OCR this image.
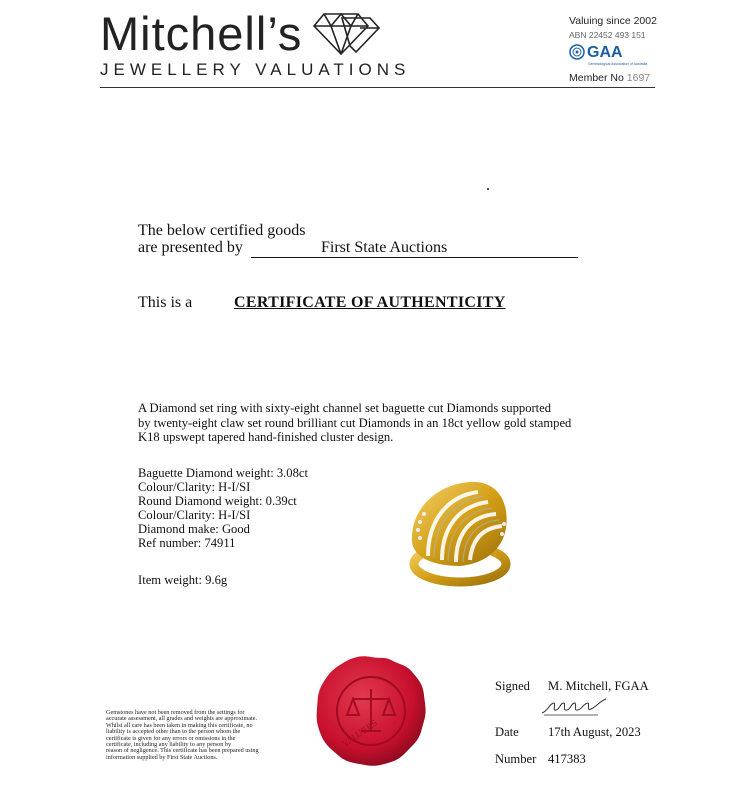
Mitchell’s
JEWELLERY VALUATIONS
Valuing since 2002
ABN 22452 493 151
GAA
Gemmological Association of Australia
Member No 1697
The below certified goods
are presented by	First State Auctions
This is a	CERTIFICATE OF AUTHENTICITY
A Diamond set ring with sixty-eight channel set baguette cut Diamonds supported
by twenty-eight claw set round brilliant cut Diamonds in an 18ct yellow gold stamped
K18 upswept tapered hand-finished cluster design.
Baguette Diamond weight: 3.08ct
Colour/Clarity: H-I/SI
Round Diamond weight: 0.39ct
Colour/Clarity: H-I/SI
Diamond make: Good
Ref number: 74911
Item weight: 9.6g
Gemstones have not been removed from the settings for
accurate assessment, all grades and weights are approximate.
Whilst all care has been taken in making this certificate, no
liability is accepted other than to the person whom the
certificate is given for any errors or omissions in the
certificate, including any liability to any person by
reason of negligence. This certificate has been prepared using
information supplied by First State Auctions.
VALUERS
Signed M. Mitchell, FGAA
Date 17th August, 2023
Number 417383
